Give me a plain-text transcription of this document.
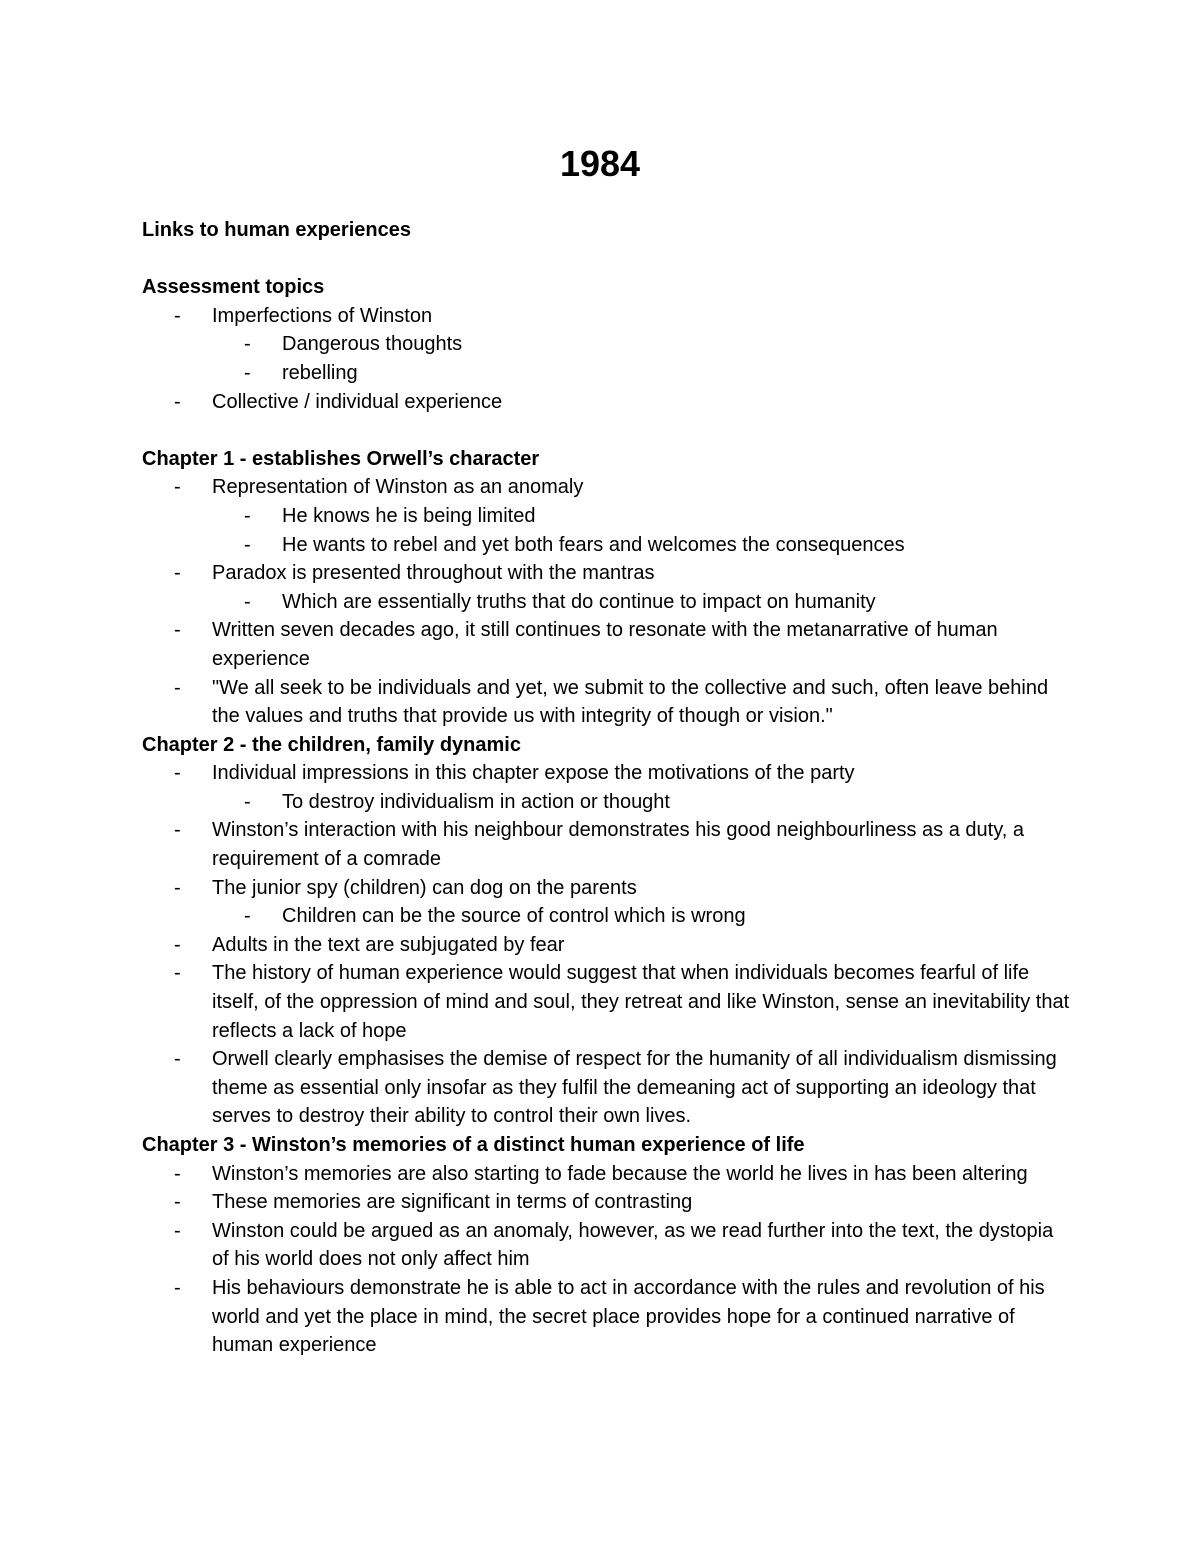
1984

Links to human experiences

Assessment topics

- Imperfections of Winston
- Dangerous thoughts
- rebelling
- Collective / individual experience

Chapter 1 - establishes Orwell’s character

- Representation of Winston as an anomaly
- He knows he is being limited
- He wants to rebel and yet both fears and welcomes the consequences
- Paradox is presented throughout with the mantras
- Which are essentially truths that do continue to impact on humanity
- Written seven decades ago, it still continues to resonate with the metanarrative of human experience
- "We all seek to be individuals and yet, we submit to the collective and such, often leave behind the values and truths that provide us with integrity of though or vision."

Chapter 2 - the children, family dynamic

- Individual impressions in this chapter expose the motivations of the party
- To destroy individualism in action or thought
- Winston’s interaction with his neighbour demonstrates his good neighbourliness as a duty, a requirement of a comrade
- The junior spy (children) can dog on the parents
- Children can be the source of control which is wrong
- Adults in the text are subjugated by fear
- The history of human experience would suggest that when individuals becomes fearful of life itself, of the oppression of mind and soul, they retreat and like Winston, sense an inevitability that reflects a lack of hope
- Orwell clearly emphasises the demise of respect for the humanity of all individualism dismissing theme as essential only insofar as they fulfil the demeaning act of supporting an ideology that serves to destroy their ability to control their own lives.

Chapter 3 - Winston’s memories of a distinct human experience of life

- Winston’s memories are also starting to fade because the world he lives in has been altering
- These memories are significant in terms of contrasting
- Winston could be argued as an anomaly, however, as we read further into the text, the dystopia of his world does not only affect him
- His behaviours demonstrate he is able to act in accordance with the rules and revolution of his world and yet the place in mind, the secret place provides hope for a continued narrative of human experience
